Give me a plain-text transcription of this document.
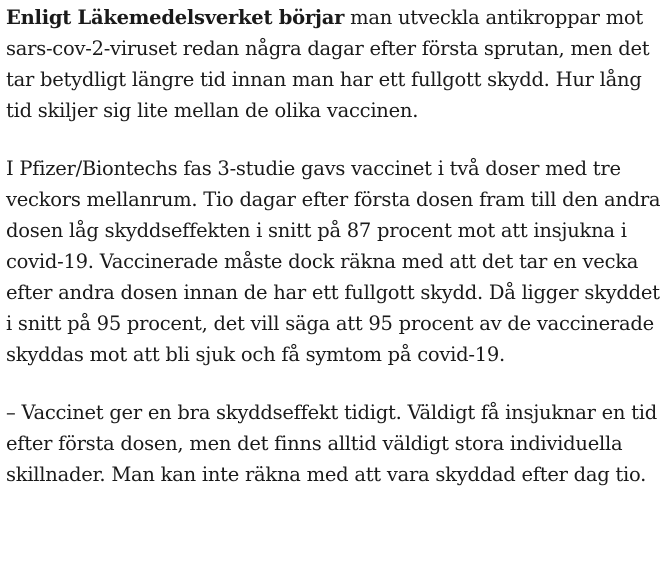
Enligt Läkemedelsverket börjar man utveckla antikroppar mot sars-cov-2-viruset redan några dagar efter första sprutan, men det tar betydligt längre tid innan man har ett fullgott skydd. Hur lång tid skiljer sig lite mellan de olika vaccinen.

I Pfizer/Biontechs fas 3-studie gavs vaccinet i två doser med tre veckors mellanrum. Tio dagar efter första dosen fram till den andra dosen låg skyddseffekten i snitt på 87 procent mot att insjukna i covid-19. Vaccinerade måste dock räkna med att det tar en vecka efter andra dosen innan de har ett fullgott skydd. Då ligger skyddet i snitt på 95 procent, det vill säga att 95 procent av de vaccinerade skyddas mot att bli sjuk och få symtom på covid-19.

– Vaccinet ger en bra skyddseffekt tidigt. Väldigt få insjuknar en tid efter första dosen, men det finns alltid väldigt stora individuella skillnader. Man kan inte räkna med att vara skyddad efter dag tio.
